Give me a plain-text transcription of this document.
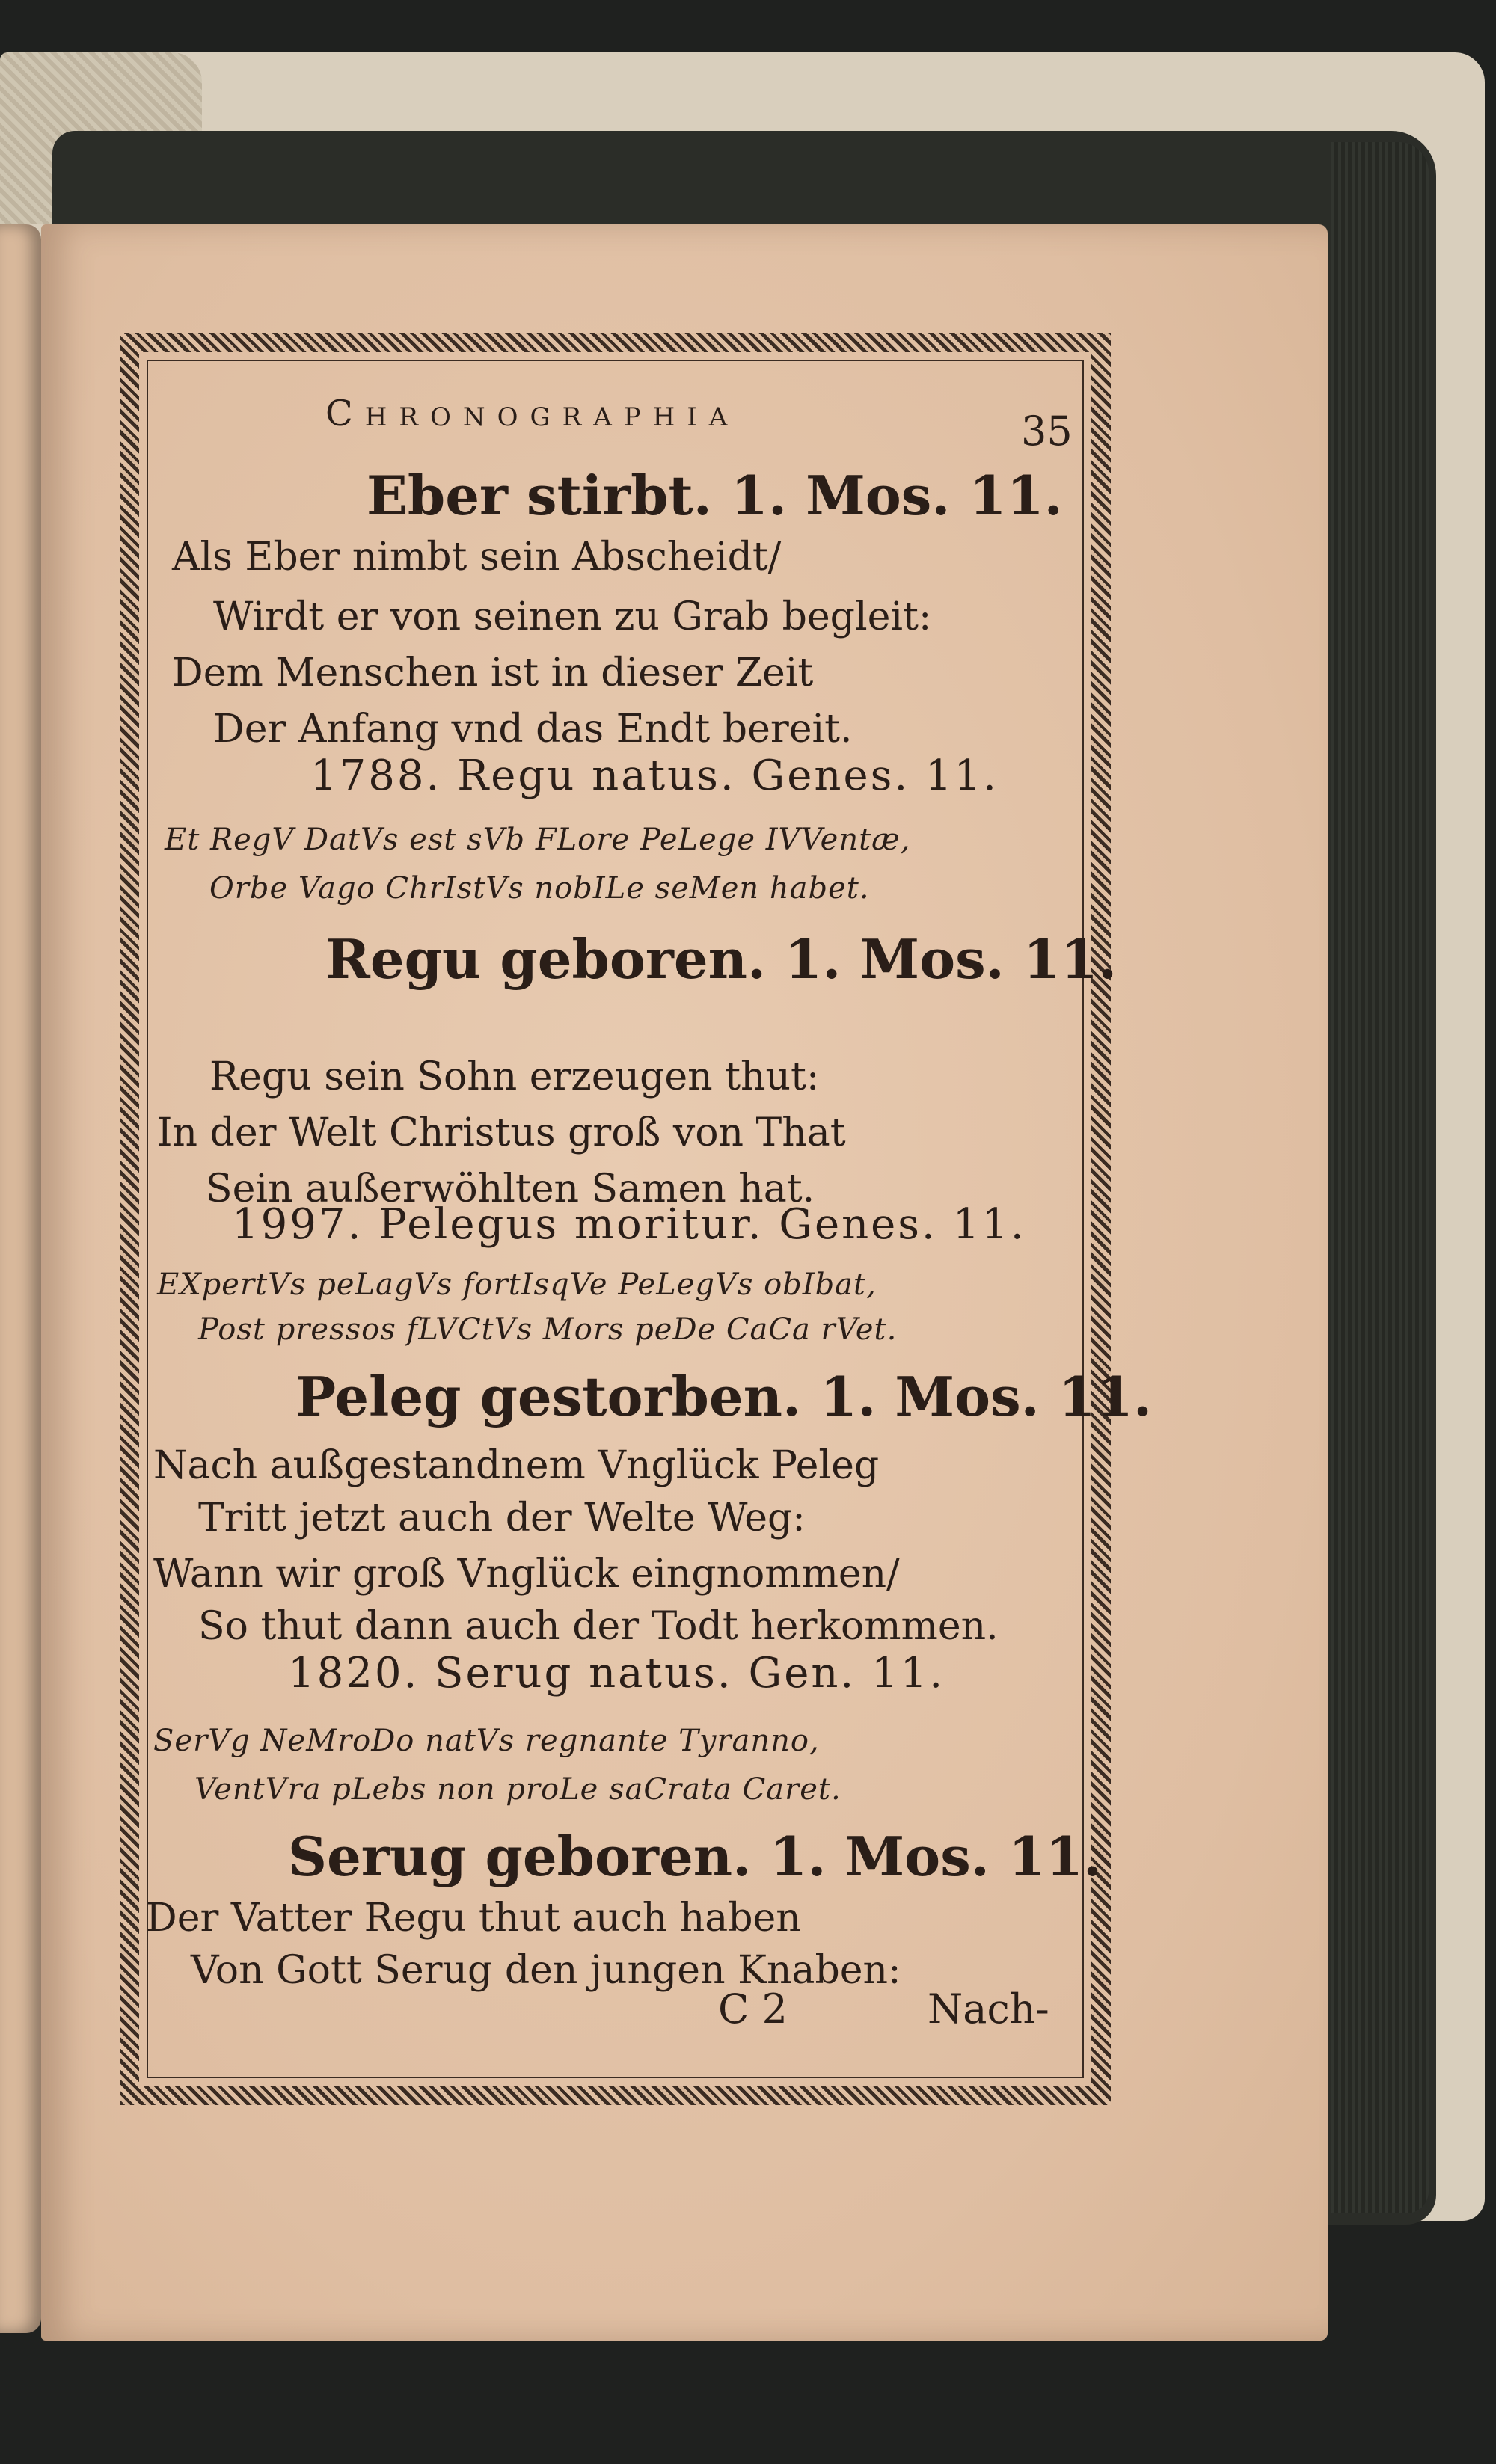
Chronographia	35
Eber stirbt. 1. Mos. 11.
Als Eber nimbt sein Abscheidt/
Wirdt er von seinen zu Grab begleit:
Dem Menschen ist in dieser Zeit
Der Anfang vnd das Endt bereit.
1788. Regu natus. Genes. 11.
Et RegV DatVs est sVb FLore PeLege IVVentæ,
Orbe Vago ChrIstVs nobILe seMen habet.
Regu geboren. 1. Mos. 11.
Regu sein Sohn erzeugen thut:
In der Welt Christus groß von That
Sein außerwöhlten Samen hat.
1997. Pelegus moritur. Genes. 11.
EXpertVs peLagVs fortIsqVe PeLegVs obIbat,
Post pressos fLVCtVs Mors peDe CaCa rVet.
Peleg gestorben. 1. Mos. 11.
Nach außgestandnem Vnglück Peleg
Tritt jetzt auch der Welte Weg:
Wann wir groß Vnglück eingnommen/
So thut dann auch der Todt herkommen.
1820. Serug natus. Gen. 11.
SerVg NeMroDo natVs regnante Tyranno,
VentVra pLebs non proLe saCrata Caret.
Serug geboren. 1. Mos. 11.
Der Vatter Regu thut auch haben
Von Gott Serug den jungen Knaben:
C 2	Nach-
